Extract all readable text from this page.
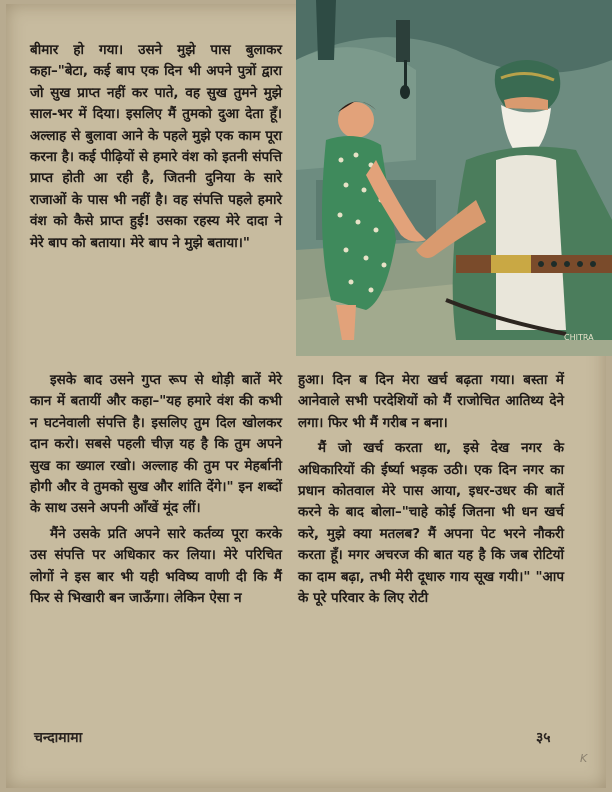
बीमार हो गया। उसने मुझे पास बुलाकर कहा–"बेटा, कई बाप एक दिन भी अपने पुत्रों द्वारा जो सुख प्राप्त नहीं कर पाते, वह सुख तुमने मुझे साल-भर में दिया। इसलिए मैं तुमको दुआ देता हूँ। अल्लाह से बुलावा आने के पहले मुझे एक काम पूरा करना है। कई पीढ़ियों से हमारे वंश को इतनी संपत्ति प्राप्त होती आ रही है, जितनी दुनिया के सारे राजाओं के पास भी नहीं है। वह संपत्ति पहले हमारे वंश को कैसे प्राप्त हुई! उसका रहस्य मेरे दादा ने मेरे बाप को बताया। मेरे बाप ने मुझे बताया।"

CHITRA

इसके बाद उसने गुप्त रूप से थोड़ी बातें मेरे कान में बतायीं और कहा–"यह हमारे वंश की कभी न घटनेवाली संपत्ति है। इसलिए तुम दिल खोलकर दान करो। सबसे पहली चीज़ यह है कि तुम अपने सुख का ख्याल रखो। अल्लाह की तुम पर मेहर्बानी होगी और वे तुमको सुख और शांति देंगे।" इन शब्दों के साथ उसने अपनी आँखें मूंद लीं।

मैंने उसके प्रति अपने सारे कर्तव्य पूरा करके उस संपत्ति पर अधिकार कर लिया। मेरे परिचित लोगों ने इस बार भी यही भविष्य वाणी दी कि मैं फिर से भिखारी बन जाऊँगा। लेकिन ऐसा न

हुआ। दिन ब दिन मेरा खर्च बढ़ता गया। बस्ता में आनेवाले सभी परदेशियों को मैं राजोचित आतिथ्य देने लगा। फिर भी मैं गरीब न बना।

मैं जो खर्च करता था, इसे देख नगर के अधिकारियों की ईर्ष्या भड़क उठी। एक दिन नगर का प्रधान कोतवाल मेरे पास आया, इधर-उधर की बातें करने के बाद बोला–"चाहे कोई जितना भी धन खर्च करे, मुझे क्या मतलब? मैं अपना पेट भरने नौकरी करता हूँ। मगर अचरज की बात यह है कि जब रोटियों का दाम बढ़ा, तभी मेरी दूधारु गाय सूख गयी।" "आप के पूरे परिवार के लिए रोटी

चन्दामामा	३५
K
